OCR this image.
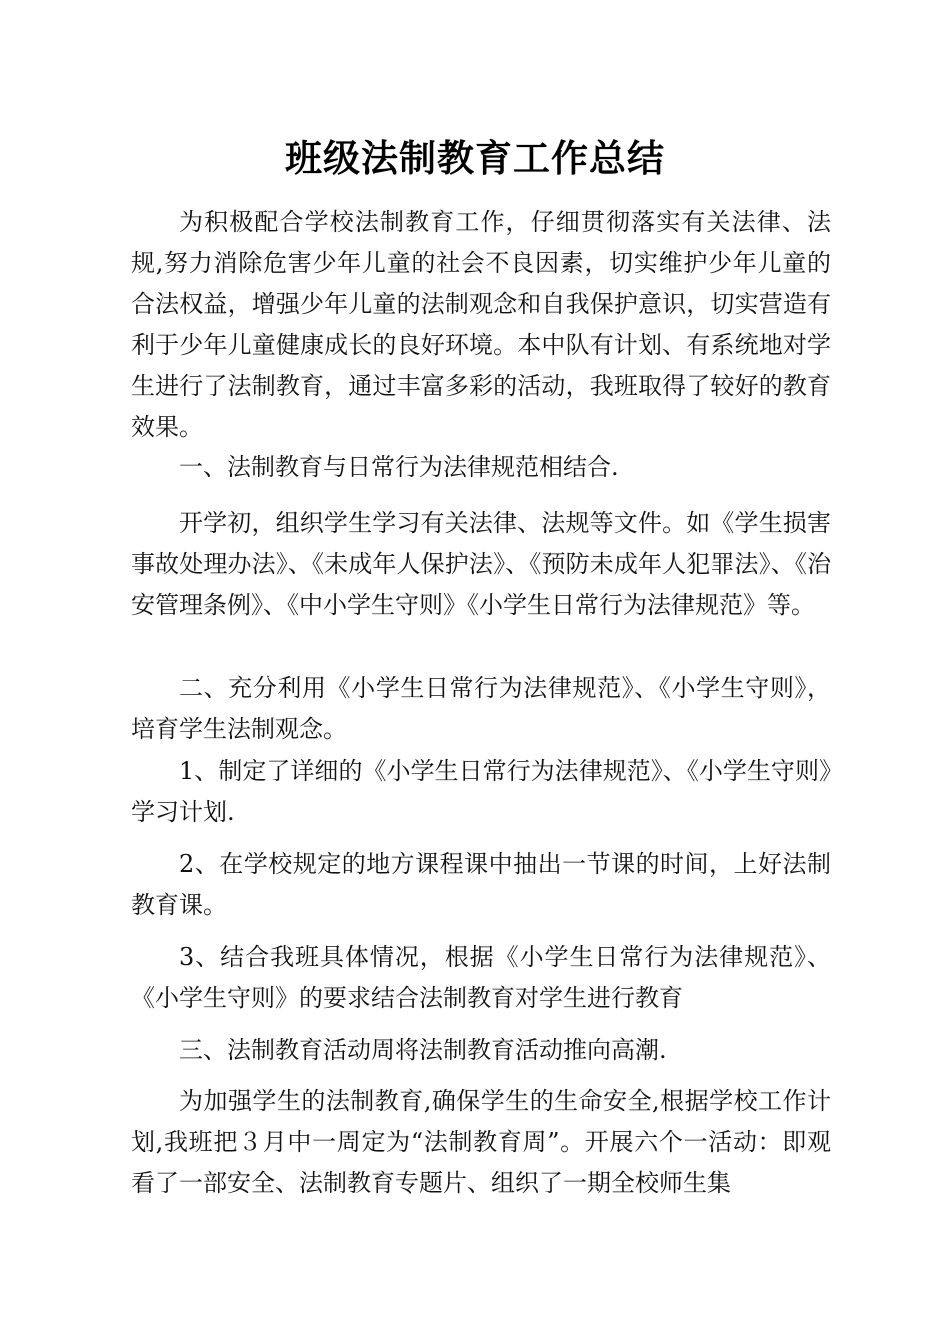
班级法制教育工作总结

为积极配合学校法制教育工作，仔细贯彻落实有关法律、法规,努力消除危害少年儿童的社会不良因素，切实维护少年儿童的合法权益，增强少年儿童的法制观念和自我保护意识，切实营造有利于少年儿童健康成长的良好环境。本中队有计划、有系统地对学生进行了法制教育，通过丰富多彩的活动，我班取得了较好的教育效果。

一、法制教育与日常行为法律规范相结合.

开学初，组织学生学习有关法律、法规等文件。如《学生损害事故处理办法》、《未成年人保护法》、《预防未成年人犯罪法》、《治安管理条例》、《中小学生守则》《小学生日常行为法律规范》等。

二、充分利用《小学生日常行为法律规范》、《小学生守则》，培育学生法制观念。

1、制定了详细的《小学生日常行为法律规范》、《小学生守则》学习计划.

2、在学校规定的地方课程课中抽出一节课的时间，上好法制教育课。

3、结合我班具体情况，根据《小学生日常行为法律规范》、《小学生守则》的要求结合法制教育对学生进行教育

三、法制教育活动周将法制教育活动推向高潮.

为加强学生的法制教育,确保学生的生命安全,根据学校工作计划,我班把３月中一周定为“法制教育周”。开展六个一活动：即观看了一部安全、法制教育专题片、组织了一期全校师生集
